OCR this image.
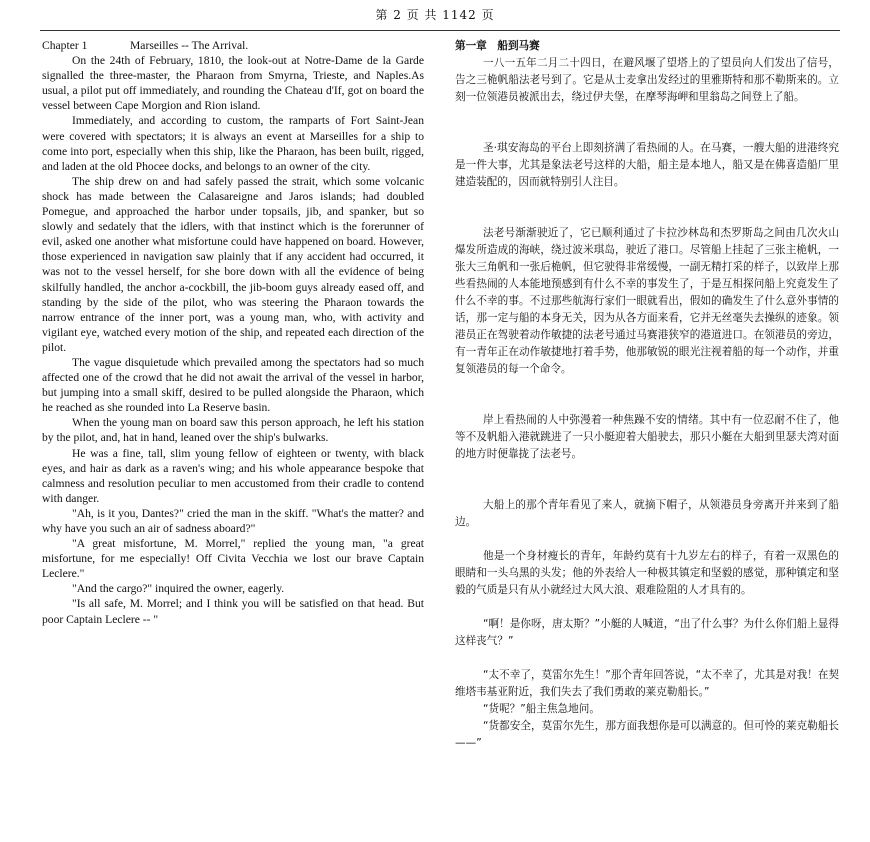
第 2 页 共 1142 页

Chapter 1	Marseilles -- The Arrival.

On the 24th of February, 1810, the look-out at Notre-Dame de la Garde signalled the three-master, the Pharaon from Smyrna, Trieste, and Naples.As usual, a pilot put off immediately, and rounding the Chateau d'If, got on board the vessel between Cape Morgion and Rion island.

Immediately, and according to custom, the ramparts of Fort Saint-Jean were covered with spectators; it is always an event at Marseilles for a ship to come into port, especially when this ship, like the Pharaon, has been built, rigged, and laden at the old Phocee docks, and belongs to an owner of the city.

The ship drew on and had safely passed the strait, which some volcanic shock has made between the Calasareigne and Jaros islands; had doubled Pomegue, and approached the harbor under topsails, jib, and spanker, but so slowly and sedately that the idlers, with that instinct which is the forerunner of evil, asked one another what misfortune could have happened on board. However, those experienced in navigation saw plainly that if any accident had occurred, it was not to the vessel herself, for she bore down with all the evidence of being skilfully handled, the anchor a-cockbill, the jib-boom guys already eased off, and standing by the side of the pilot, who was steering the Pharaon towards the narrow entrance of the inner port, was a young man, who, with activity and vigilant eye, watched every motion of the ship, and repeated each direction of the pilot.

The vague disquietude which prevailed among the spectators had so much affected one of the crowd that he did not await the arrival of the vessel in harbor, but jumping into a small skiff, desired to be pulled alongside the Pharaon, which he reached as she rounded into La Reserve basin.

When the young man on board saw this person approach, he left his station by the pilot, and, hat in hand, leaned over the ship's bulwarks.

He was a fine, tall, slim young fellow of eighteen or twenty, with black eyes, and hair as dark as a raven's wing; and his whole appearance bespoke that calmness and resolution peculiar to men accustomed from their cradle to contend with danger.

"Ah, is it you, Dantes?" cried the man in the skiff. "What's the matter? and why have you such an air of sadness aboard?"

"A great misfortune, M. Morrel," replied the young man, "a great misfortune, for me especially! Off Civita Vecchia we lost our brave Captain Leclere."

"And the cargo?" inquired the owner, eagerly.

"Is all safe, M. Morrel; and I think you will be satisfied on that head. But poor Captain Leclere -- "

第一章　船到马赛

一八一五年二月二十四日，在避风堰了望塔上的了望员向人们发出了信号，告之三桅帆船法老号到了。它是从士麦拿出发经过的里雅斯特和那不勒斯来的。立刻一位领港员被派出去，绕过伊夫堡，在摩琴海岬和里翁岛之间登上了船。

圣·琪安海岛的平台上即刻挤满了看热闹的人。在马赛，一艘大船的进港终究是一件大事，尤其是象法老号这样的大船，船主是本地人，船又是在佛喜造船厂里建造装配的，因而就特别引人注目。

法老号渐渐驶近了，它已顺利通过了卡拉沙林岛和杰罗斯岛之间由几次火山爆发所造成的海峡，绕过波米琪岛，驶近了港口。尽管船上挂起了三张主桅帆，一张大三角帆和一张后桅帆，但它驶得非常缓慢，一副无精打采的样子，以致岸上那些看热闹的人本能地预感到有什么不幸的事发生了，于是互相探问船上究竟发生了什么不幸的事。不过那些航海行家们一眼就看出，假如的确发生了什么意外事情的话，那一定与船的本身无关，因为从各方面来看，它并无丝毫失去操纵的迹象。领港员正在驾驶着动作敏捷的法老号通过马赛港狭窄的港道进口。在领港员的旁边，有一青年正在动作敏捷地打着手势，他那敏锐的眼光注视着船的每一个动作，并重复领港员的每一个命令。

岸上看热闹的人中弥漫着一种焦躁不安的情绪。其中有一位忍耐不住了，他等不及帆船入港就跳进了一只小艇迎着大船驶去，那只小艇在大船到里瑟夫湾对面的地方时便靠拢了法老号。

大船上的那个青年看见了来人，就摘下帽子，从领港员身旁离开并来到了船边。

他是一个身材瘦长的青年，年龄约莫有十九岁左右的样子，有着一双黑色的眼睛和一头乌黑的头发；他的外表给人一种极其镇定和坚毅的感觉，那种镇定和坚毅的气质是只有从小就经过大风大浪、艰难险阻的人才具有的。

“啊！是你呀，唐太斯？”小艇的人喊道，“出了什么事？为什么你们船上显得这样丧气？”

“太不幸了，莫雷尔先生！”那个青年回答说，“太不幸了，尤其是对我！在契维塔韦基亚附近，我们失去了我们勇敢的莱克勒船长。”

“货呢？”船主焦急地问。

“货都安全，莫雷尔先生，那方面我想你是可以满意的。但可怜的莱克勒船长——”
